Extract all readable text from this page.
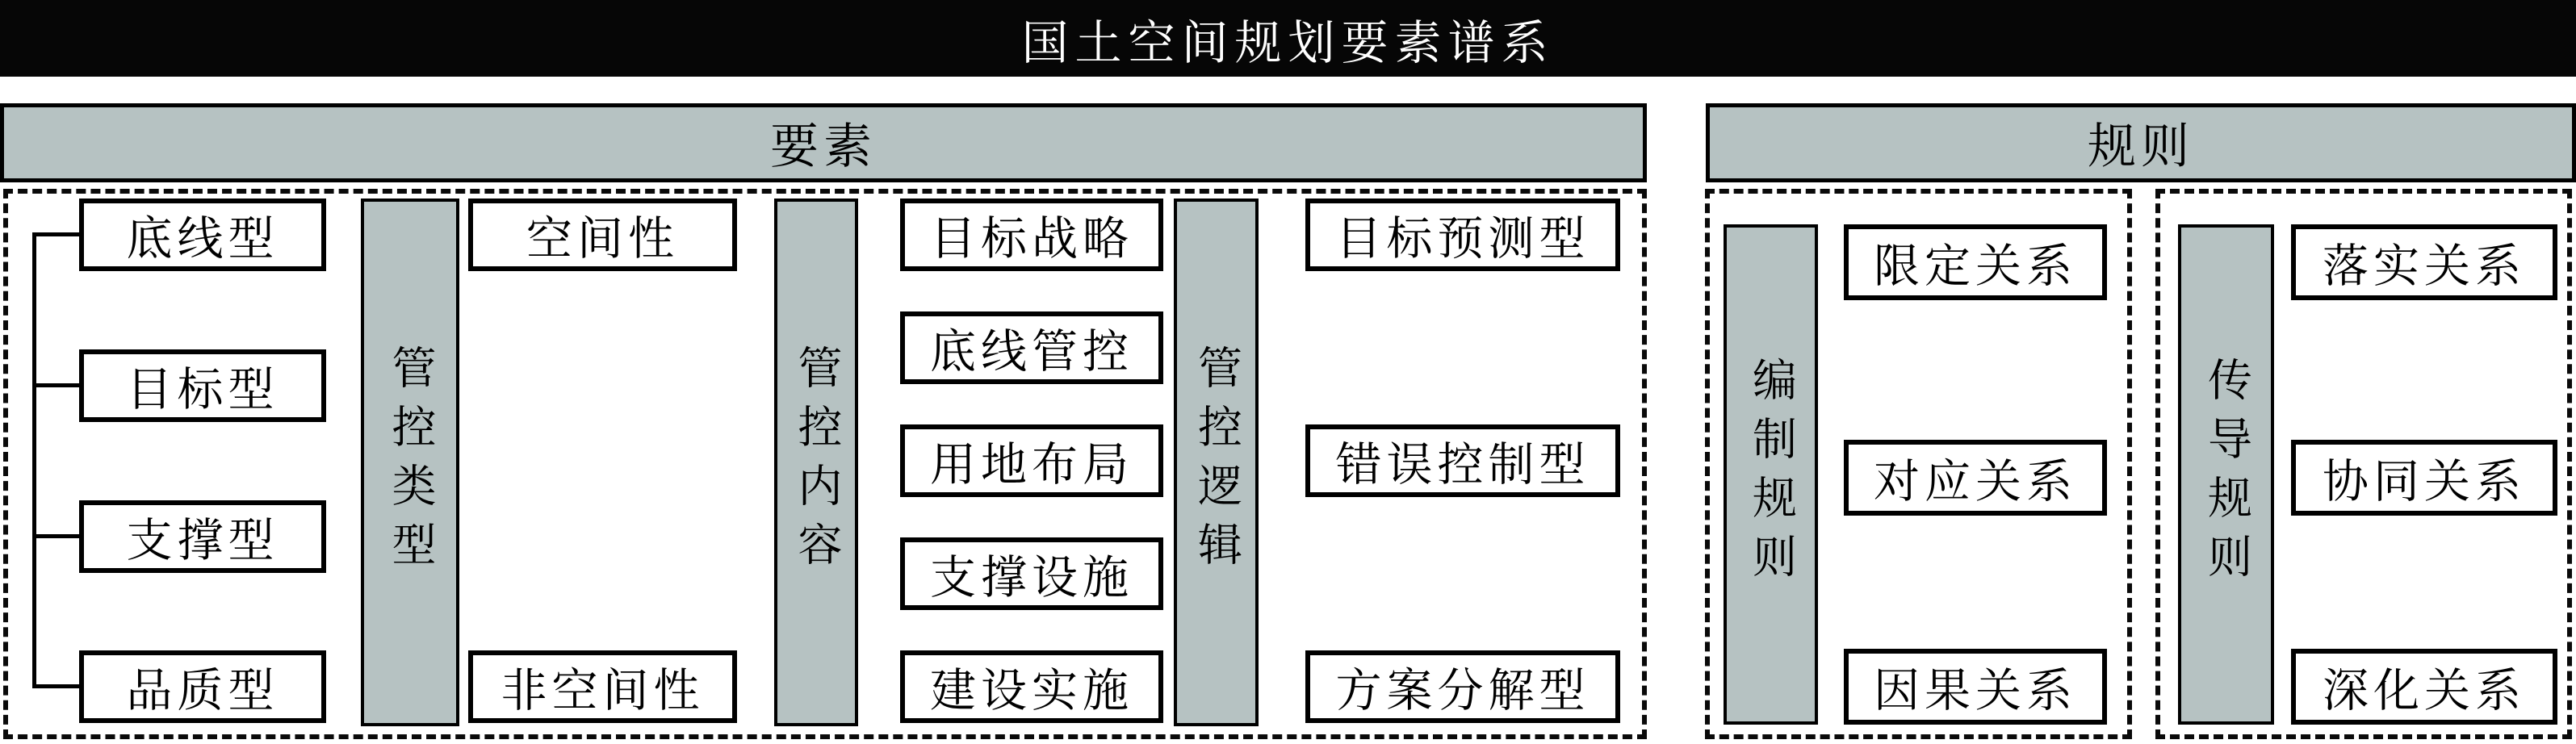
国土空间规划要素谱系
要素	规则
底线型
目标型
支撑型
品质型
管控类型
空间性
非空间性
管控内容
目标战略
底线管控
用地布局
支撑设施
建设实施
管控逻辑
目标预测型
错误控制型
方案分解型
编制规则
限定关系
对应关系
因果关系
传导规则
落实关系
协同关系
深化关系
